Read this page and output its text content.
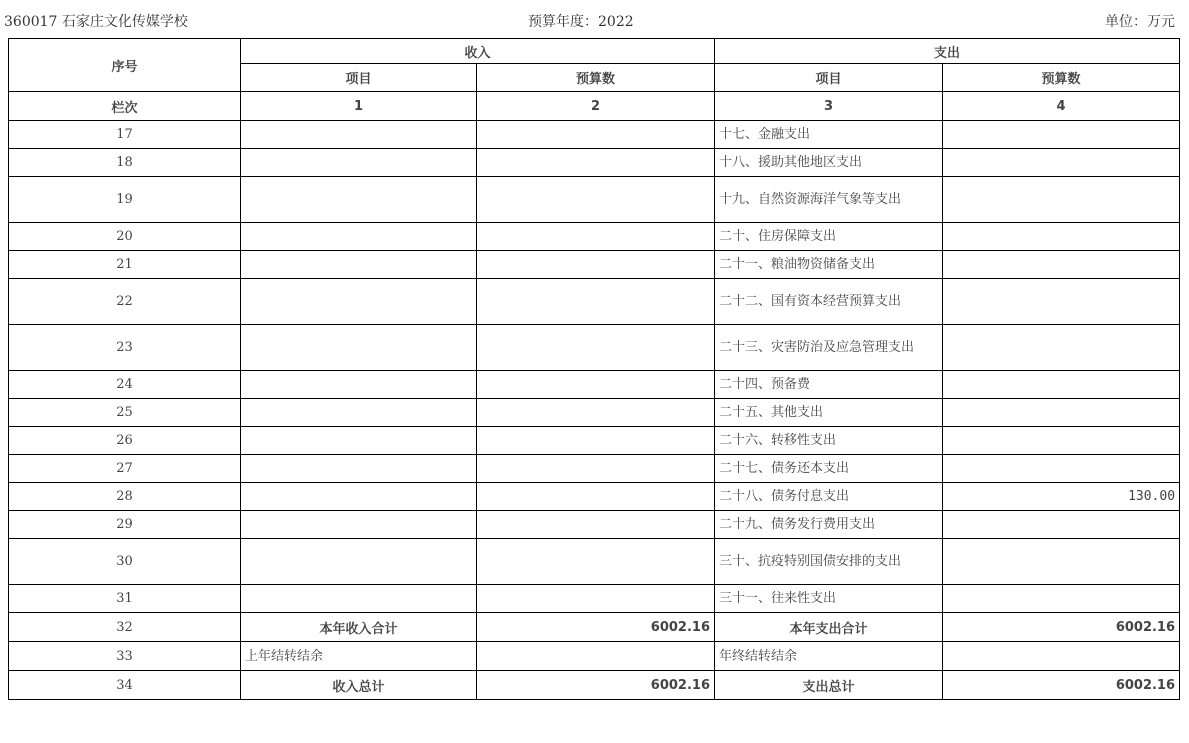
360017 石家庄文化传媒学校	预算年度：2022	单位：万元
序号	收入		支出	
	项目	预算数	项目	预算数
栏次	1	2	3	4
17			十七、金融支出	
18			十八、援助其他地区支出	
19			十九、自然资源海洋气象等支出	
20			二十、住房保障支出	
21			二十一、粮油物资储备支出	
22			二十二、国有资本经营预算支出	
23			二十三、灾害防治及应急管理支出	
24			二十四、预备费	
25			二十五、其他支出	
26			二十六、转移性支出	
27			二十七、债务还本支出	
28			二十八、债务付息支出	130.00
29			二十九、债务发行费用支出	
30			三十、抗疫特别国债安排的支出	
31			三十一、往来性支出	
32	本年收入合计	6002.16	本年支出合计	6002.16
33	上年结转结余		年终结转结余	
34	收入总计	6002.16	支出总计	6002.16
